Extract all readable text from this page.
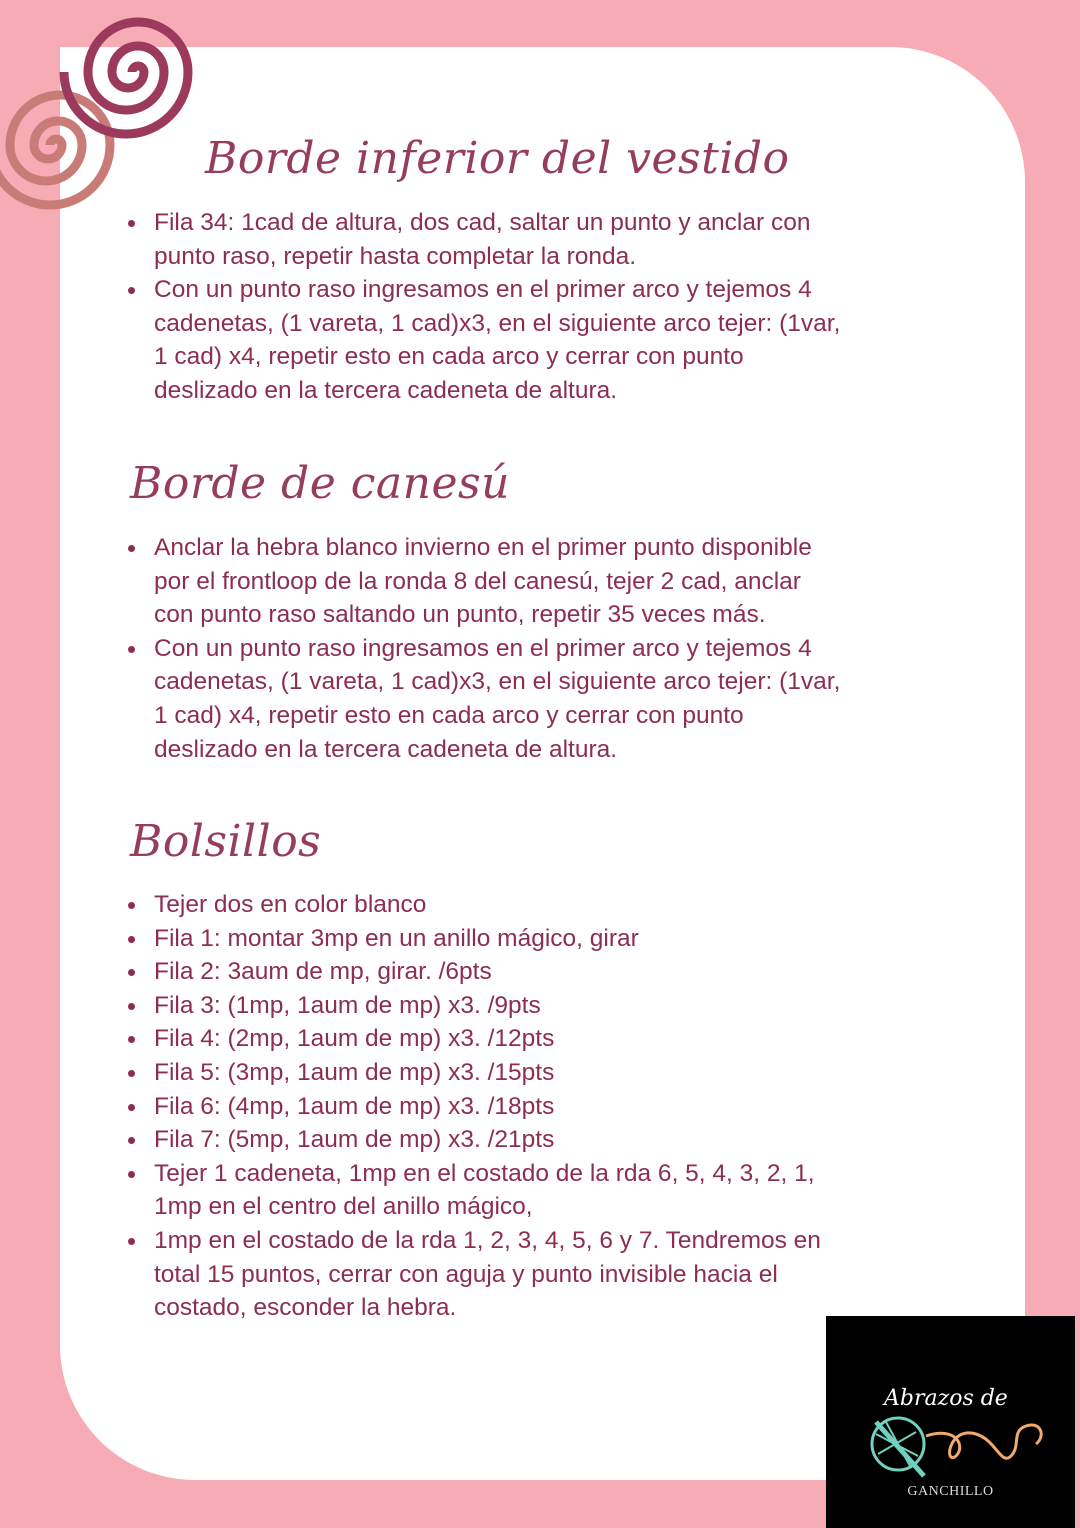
Borde inferior del vestido
Fila 34: 1cad de altura, dos cad, saltar un punto y anclar con
punto raso, repetir hasta completar la ronda.
Con un punto raso ingresamos en el primer arco y tejemos 4
cadenetas, (1 vareta, 1 cad)x3, en el siguiente arco tejer: (1var,
1 cad) x4, repetir esto en cada arco y cerrar con punto
deslizado en la tercera cadeneta de altura.
Borde de canesú
Anclar la hebra blanco invierno en el primer punto disponible
por el frontloop de la ronda 8 del canesú, tejer 2 cad, anclar
con punto raso saltando un punto, repetir 35 veces más.
Con un punto raso ingresamos en el primer arco y tejemos 4
cadenetas, (1 vareta, 1 cad)x3, en el siguiente arco tejer: (1var,
1 cad) x4, repetir esto en cada arco y cerrar con punto
deslizado en la tercera cadeneta de altura.
Bolsillos
Tejer dos en color blanco
Fila 1: montar 3mp en un anillo mágico, girar
Fila 2: 3aum de mp, girar. /6pts
Fila 3: (1mp, 1aum de mp) x3. /9pts
Fila 4: (2mp, 1aum de mp) x3. /12pts
Fila 5: (3mp, 1aum de mp) x3. /15pts
Fila 6: (4mp, 1aum de mp) x3. /18pts
Fila 7: (5mp, 1aum de mp) x3. /21pts
Tejer 1 cadeneta, 1mp en el costado de la rda 6, 5, 4, 3, 2, 1,
1mp en el centro del anillo mágico,
1mp en el costado de la rda 1, 2, 3, 4, 5, 6 y 7. Tendremos en
total 15 puntos, cerrar con aguja y punto invisible hacia el
costado, esconder la hebra.
Abrazos de
GANCHILLO
